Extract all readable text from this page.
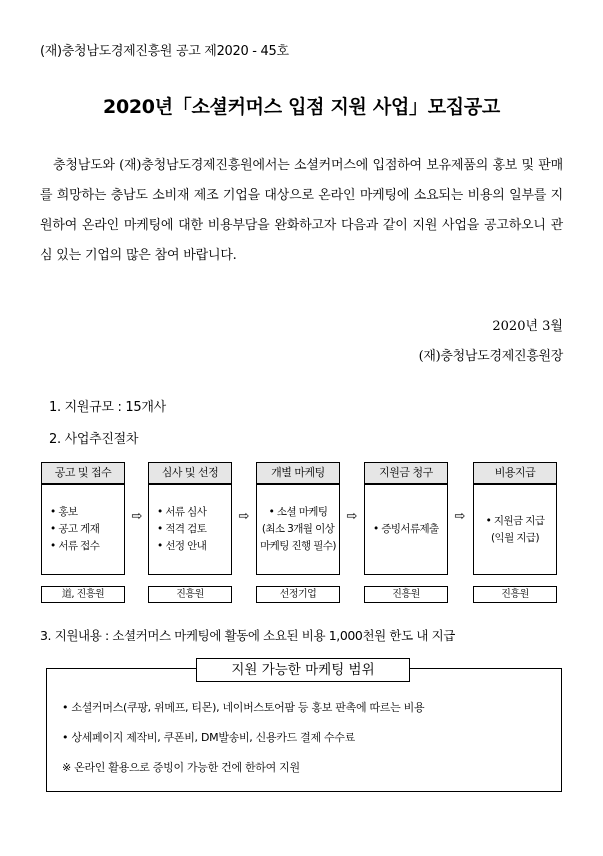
(재)충청남도경제진흥원 공고 제2020 - 45호
2020년「소셜커머스 입점 지원 사업」모집공고
충청남도와 (재)충청남도경제진흥원에서는 소셜커머스에 입점하여 보유제품의 홍보 및 판매를 희망하는 충남도 소비재 제조 기업을 대상으로 온라인 마케팅에 소요되는 비용의 일부를 지원하여 온라인 마케팅에 대한 비용부담을 완화하고자 다음과 같이 지원 사업을 공고하오니 관심 있는 기업의 많은 참여 바랍니다.
2020년 3월
(재)충청남도경제진흥원장
1. 지원규모 : 15개사
2. 사업추진절차
공고 및 접수
• 홍보
• 공고 게재
• 서류 접수
道, 진흥원
⇨
심사 및 선정
• 서류 심사
• 적격 검토
• 선정 안내
진흥원
⇨
개별 마케팅
• 소셜 마케팅
(최소 3개월 이상
마케팅 진행 필수)
선정기업
⇨
지원금 청구
• 증빙서류제출
진흥원
⇨
비용지급
• 지원금 지급
(익월 지급)
진흥원
3. 지원내용 : 소셜커머스 마케팅에 활동에 소요된 비용 1,000천원 한도 내 지급
지원 가능한 마케팅 범위
• 소셜커머스(쿠팡, 위메프, 티몬), 네이버스토어팜 등 홍보 판촉에 따르는 비용
• 상세페이지 제작비, 쿠폰비, DM발송비, 신용카드 결제 수수료
※ 온라인 활용으로 증빙이 가능한 건에 한하여 지원
